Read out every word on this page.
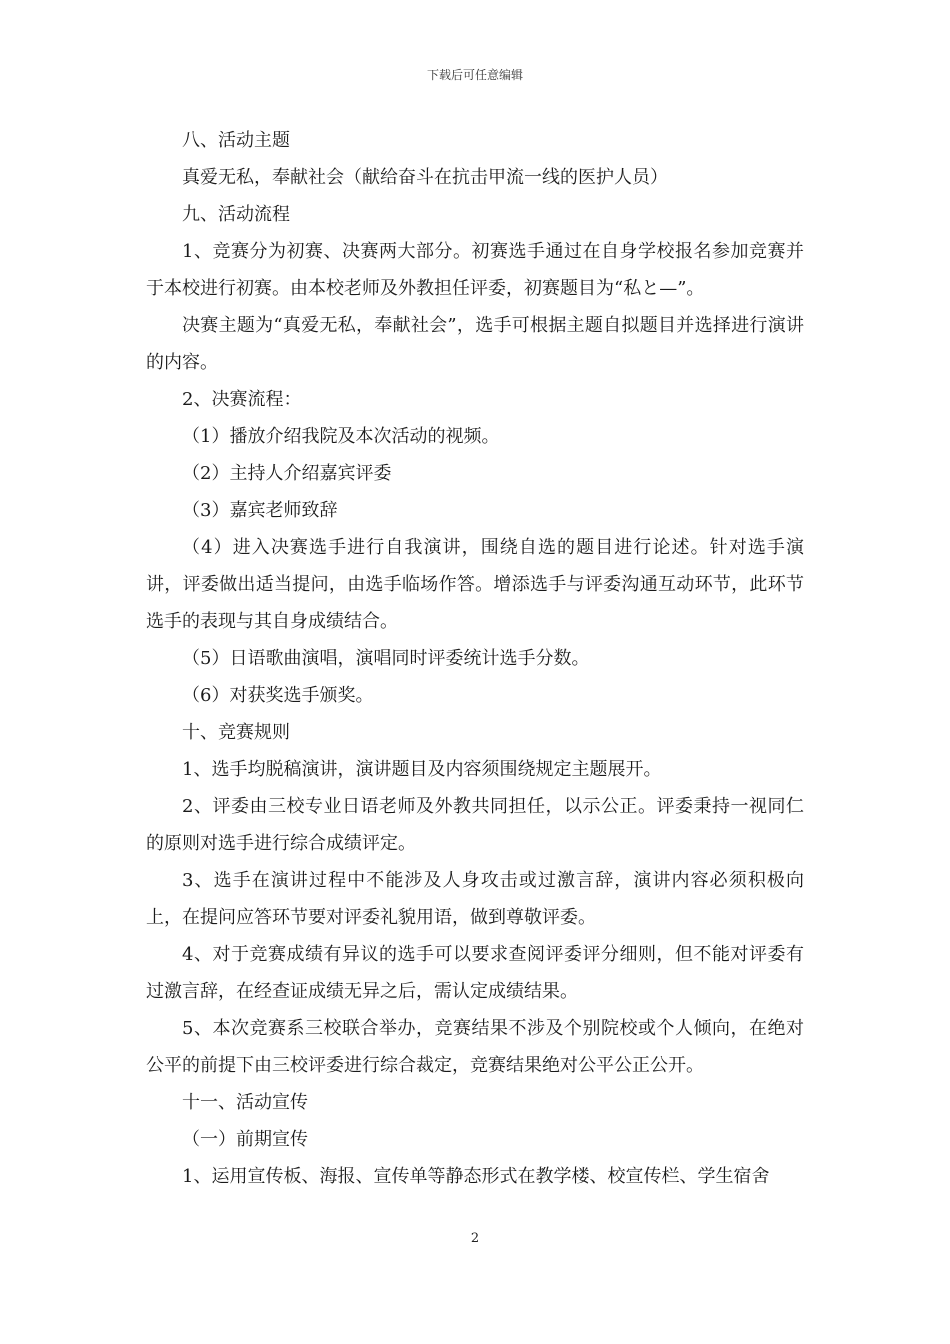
下载后可任意编辑

八、活动主题

真爱无私，奉献社会（献给奋斗在抗击甲流一线的医护人员）

九、活动流程

1、竞赛分为初赛、决赛两大部分。初赛选手通过在自身学校报名参加竞赛并于本校进行初赛。由本校老师及外教担任评委，初赛题目为“私と—”。

决赛主题为“真爱无私，奉献社会”，选手可根据主题自拟题目并选择进行演讲的内容。

2、决赛流程：

（1）播放介绍我院及本次活动的视频。

（2）主持人介绍嘉宾评委

（3）嘉宾老师致辞

（4）进入决赛选手进行自我演讲，围绕自选的题目进行论述。针对选手演讲，评委做出适当提问，由选手临场作答。增添选手与评委沟通互动环节，此环节选手的表现与其自身成绩结合。

（5）日语歌曲演唱，演唱同时评委统计选手分数。

（6）对获奖选手颁奖。

十、竞赛规则

1、选手均脱稿演讲，演讲题目及内容须围绕规定主题展开。

2、评委由三校专业日语老师及外教共同担任，以示公正。评委秉持一视同仁的原则对选手进行综合成绩评定。

3、选手在演讲过程中不能涉及人身攻击或过激言辞，演讲内容必须积极向上，在提问应答环节要对评委礼貌用语，做到尊敬评委。

4、对于竞赛成绩有异议的选手可以要求查阅评委评分细则，但不能对评委有过激言辞，在经查证成绩无异之后，需认定成绩结果。

5、本次竞赛系三校联合举办，竞赛结果不涉及个别院校或个人倾向，在绝对公平的前提下由三校评委进行综合裁定，竞赛结果绝对公平公正公开。

十一、活动宣传

（一）前期宣传

1、运用宣传板、海报、宣传单等静态形式在教学楼、校宣传栏、学生宿舍

2
